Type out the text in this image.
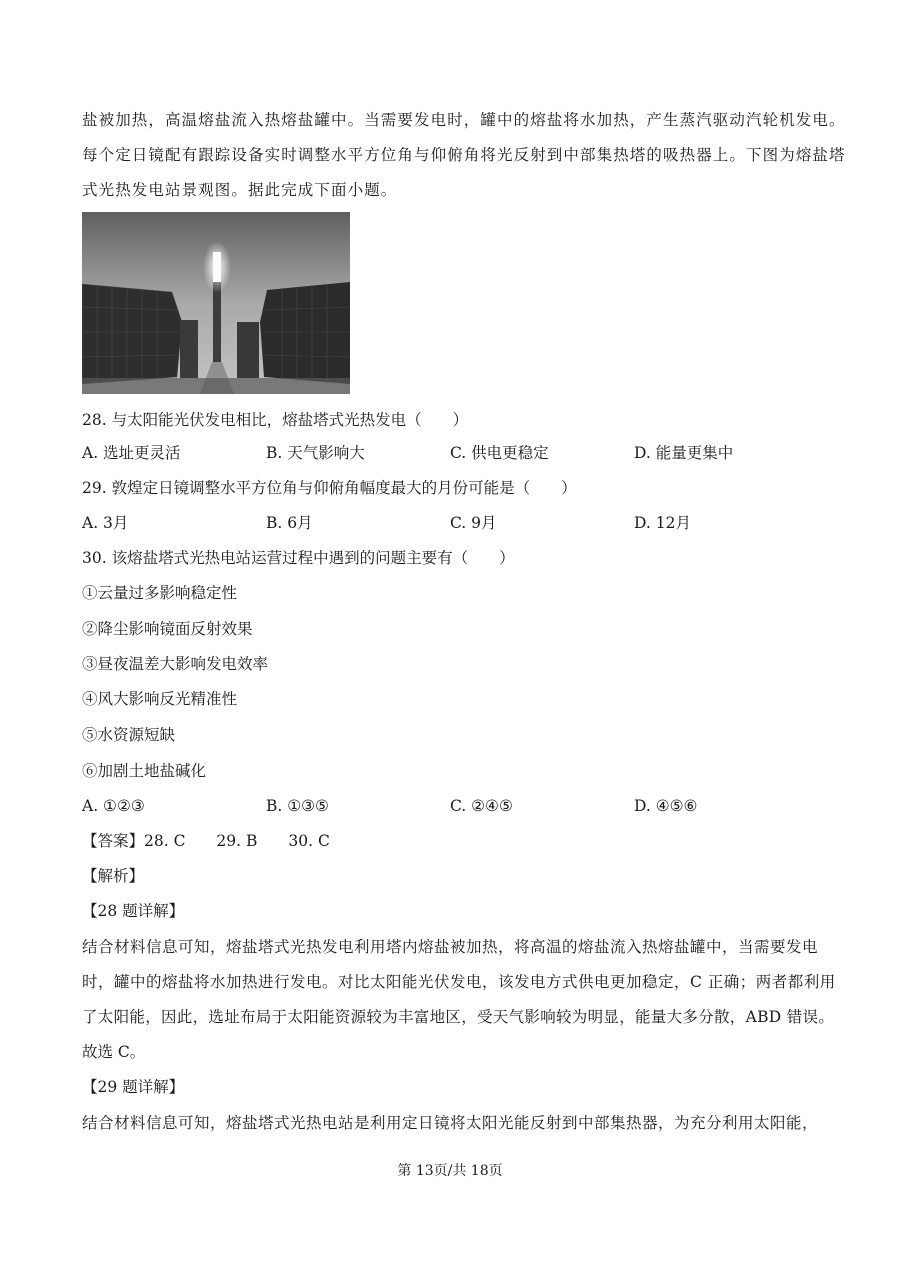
盐被加热，高温熔盐流入热熔盐罐中。当需要发电时，罐中的熔盐将水加热，产生蒸汽驱动汽轮机发电。
每个定日镜配有跟踪设备实时调整水平方位角与仰俯角将光反射到中部集热塔的吸热器上。下图为熔盐塔
式光热发电站景观图。据此完成下面小题。
28. 与太阳能光伏发电相比，熔盐塔式光热发电（　　）
A. 选址更灵活	B. 天气影响大	C. 供电更稳定	D. 能量更集中
29. 敦煌定日镜调整水平方位角与仰俯角幅度最大的月份可能是（　　）
A. 3月	B. 6月	C. 9月	D. 12月
30. 该熔盐塔式光热电站运营过程中遇到的问题主要有（　　）
①云量过多影响稳定性
②降尘影响镜面反射效果
③昼夜温差大影响发电效率
④风大影响反光精准性
⑤水资源短缺
⑥加剧土地盐碱化
A. ①②③	B. ①③⑤	C. ②④⑤	D. ④⑤⑥
【答案】28. C　　29. B　　30. C
【解析】
【28 题详解】
结合材料信息可知，熔盐塔式光热发电利用塔内熔盐被加热，将高温的熔盐流入热熔盐罐中，当需要发电
时，罐中的熔盐将水加热进行发电。对比太阳能光伏发电，该发电方式供电更加稳定，C 正确；两者都利用
了太阳能，因此，选址布局于太阳能资源较为丰富地区，受天气影响较为明显，能量大多分散，ABD 错误。
故选 C。
【29 题详解】
结合材料信息可知，熔盐塔式光热电站是利用定日镜将太阳光能反射到中部集热器，为充分利用太阳能，
第 13页/共 18页
